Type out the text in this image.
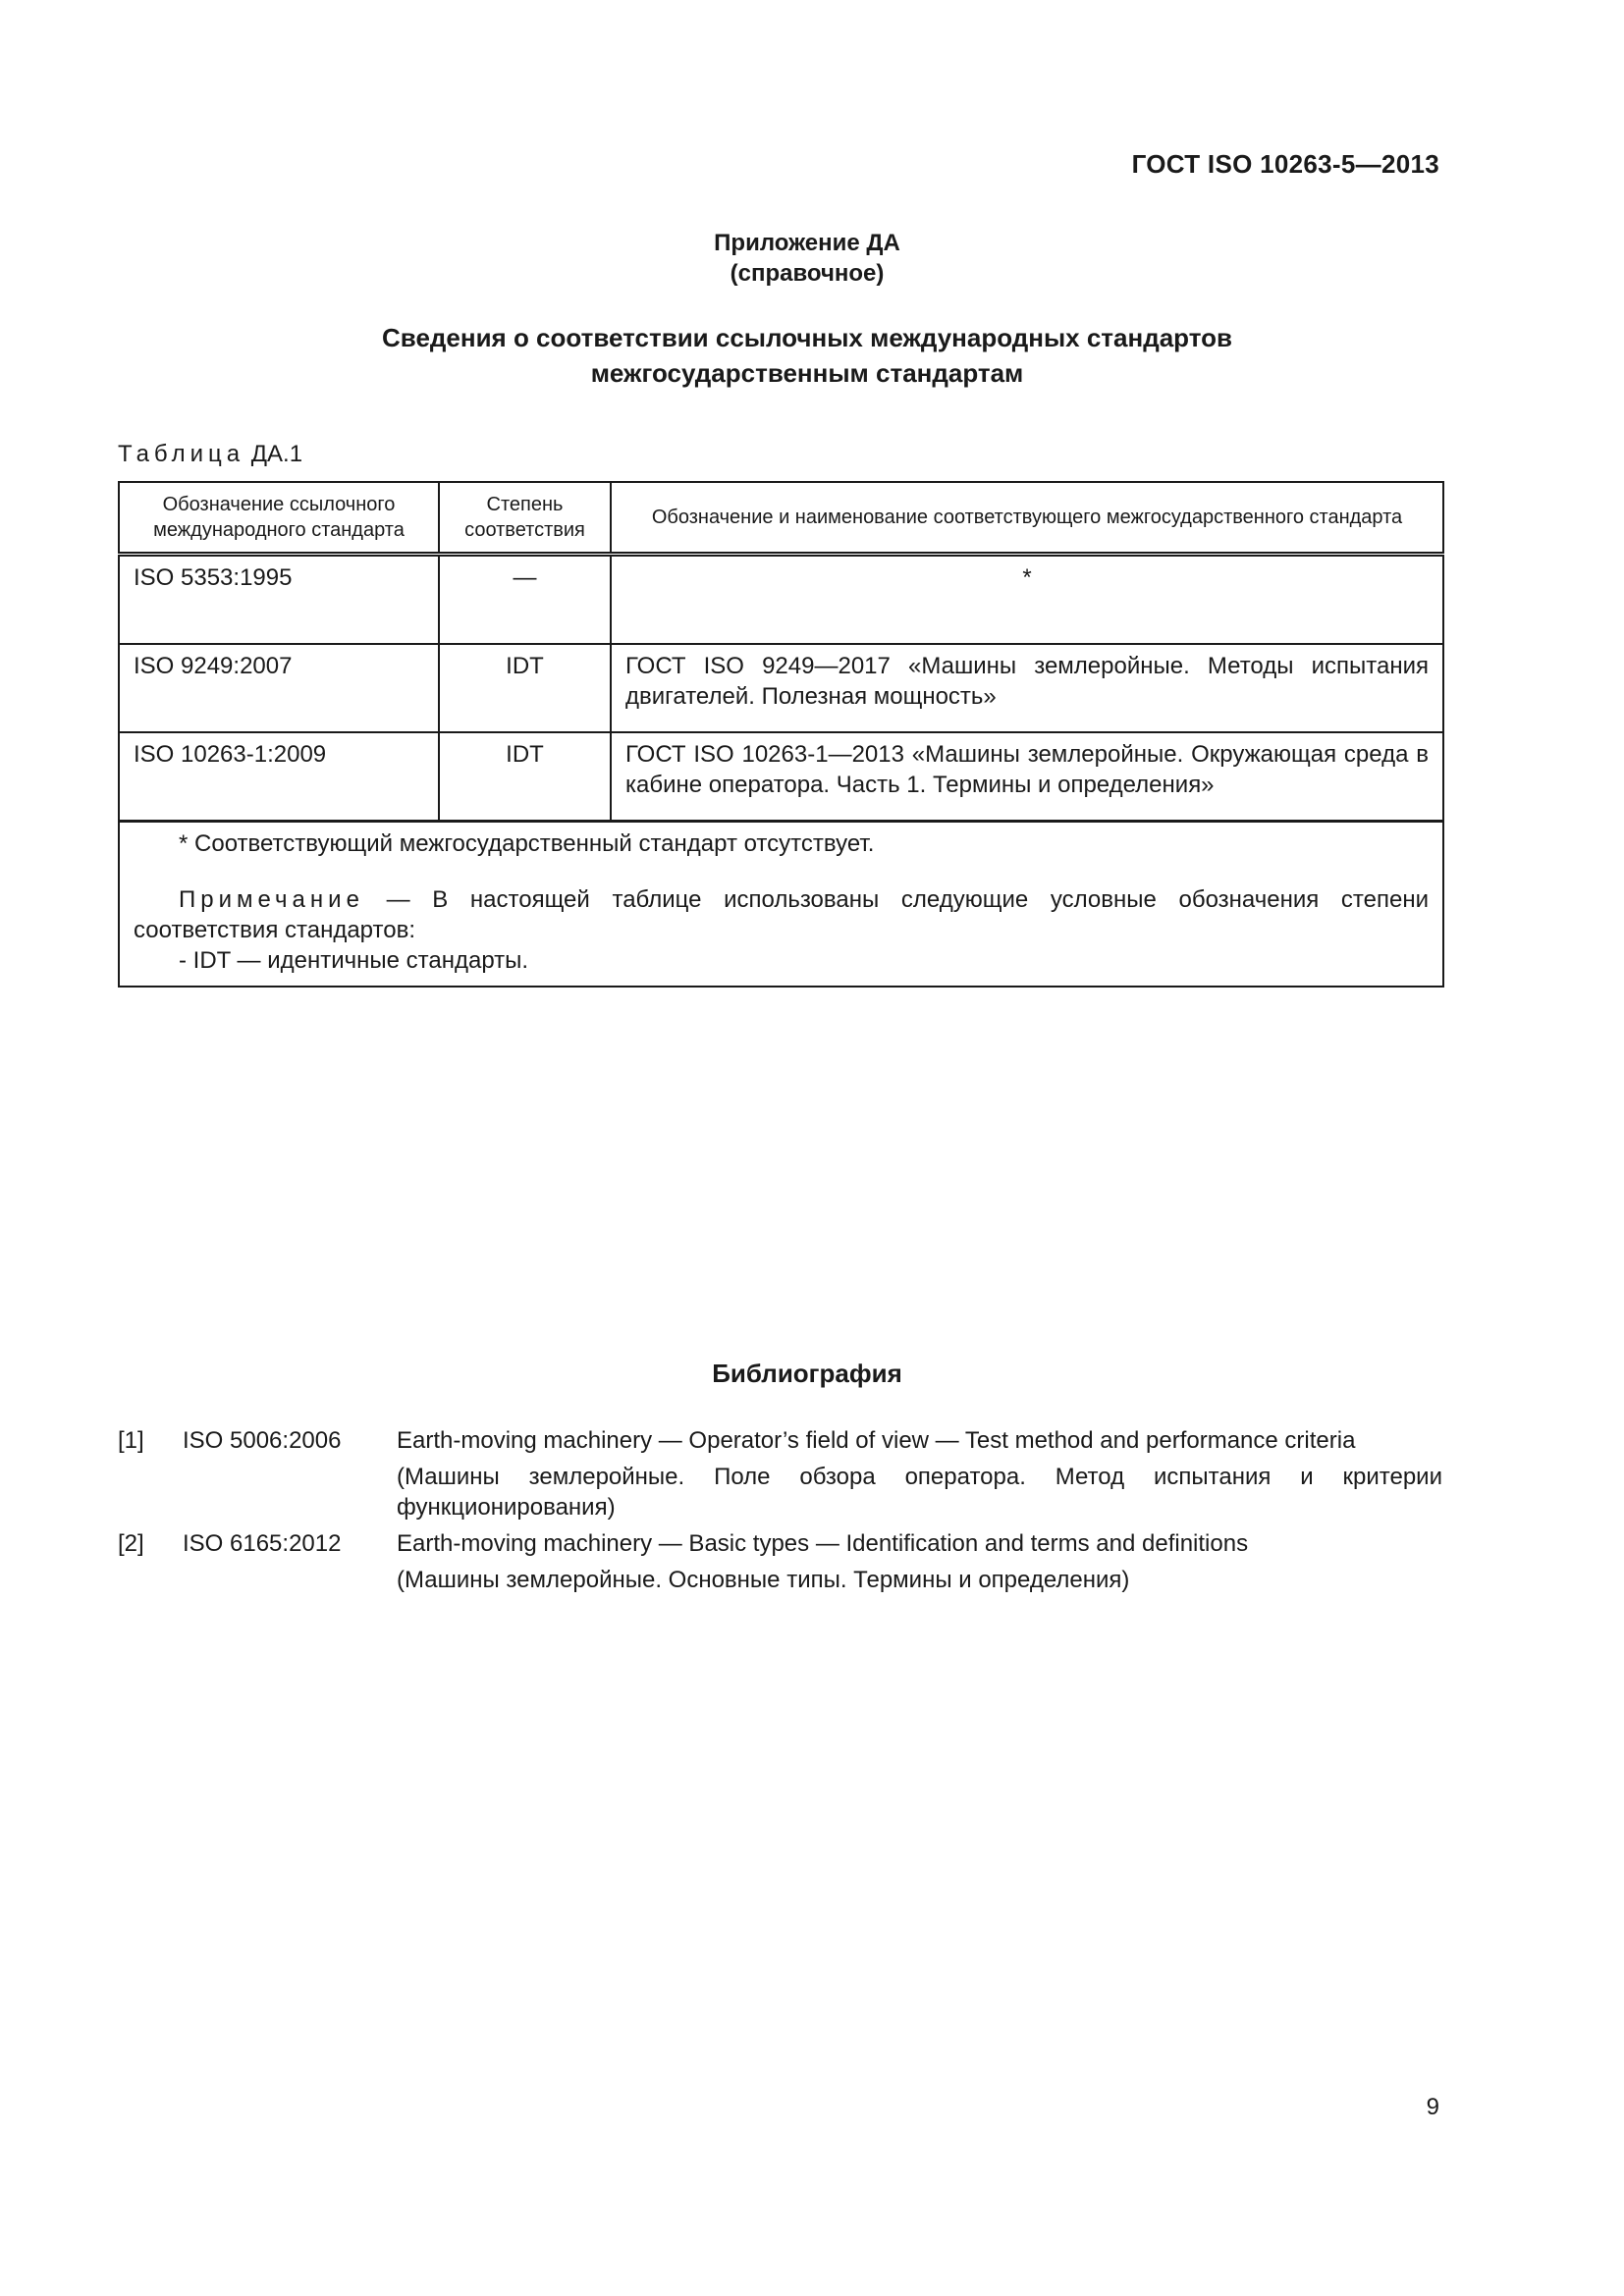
ГОСТ ISO 10263-5—2013
Приложение ДА
(справочное)
Сведения о соответствии ссылочных международных стандартов
межгосударственным стандартам
Таблица ДА.1
Обозначение ссылочного международного стандарта	Степень соответствия	Обозначение и наименование соответствующего межгосударственного стандарта
ISO 5353:1995	—	*
ISO 9249:2007	IDT	ГОСТ ISO 9249—2017 «Машины землеройные. Методы испытания двигателей. Полезная мощность»
ISO 10263-1:2009	IDT	ГОСТ ISO 10263-1—2013 «Машины землеройные. Окружающая среда в кабине оператора. Часть 1. Термины и определения»

* Соответствующий межгосударственный стандарт отсутствует.

Примечание — В настоящей таблице использованы следующие условные обозначения степени соответствия стандартов:

- IDT — идентичные стандарты.		

Библиография
[1]	ISO 5006:2006	Earth-moving machinery — Operator’s field of view — Test method and performance criteria
(Машины землеройные. Поле обзора оператора. Метод испытания и критерии функционирования)
[2]	ISO 6165:2012	Earth-moving machinery — Basic types — Identification and terms and definitions
(Машины землеройные. Основные типы. Термины и определения)
9
